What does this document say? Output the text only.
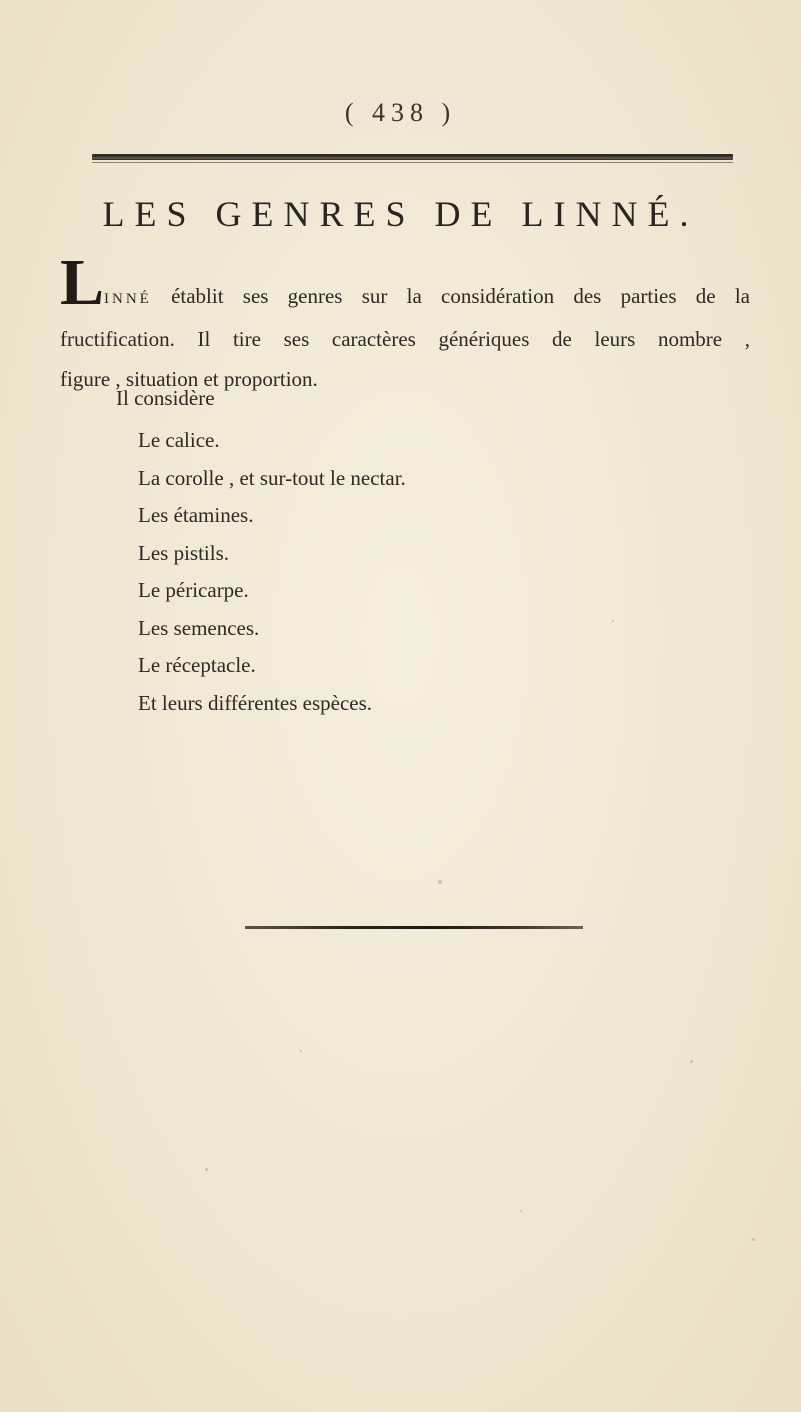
( 438 )
LES GENRES DE LINNÉ.
L INNÉ établit ses genres sur la considération des parties de la
fructification. Il tire ses caractères génériques de leurs nombre ,
figure , situation et proportion.
Il considère
Le calice.
La corolle , et sur-tout le nectar.
Les étamines.
Les pistils.
Le péricarpe.
Les semences.
Le réceptacle.
Et leurs différentes espèces.
